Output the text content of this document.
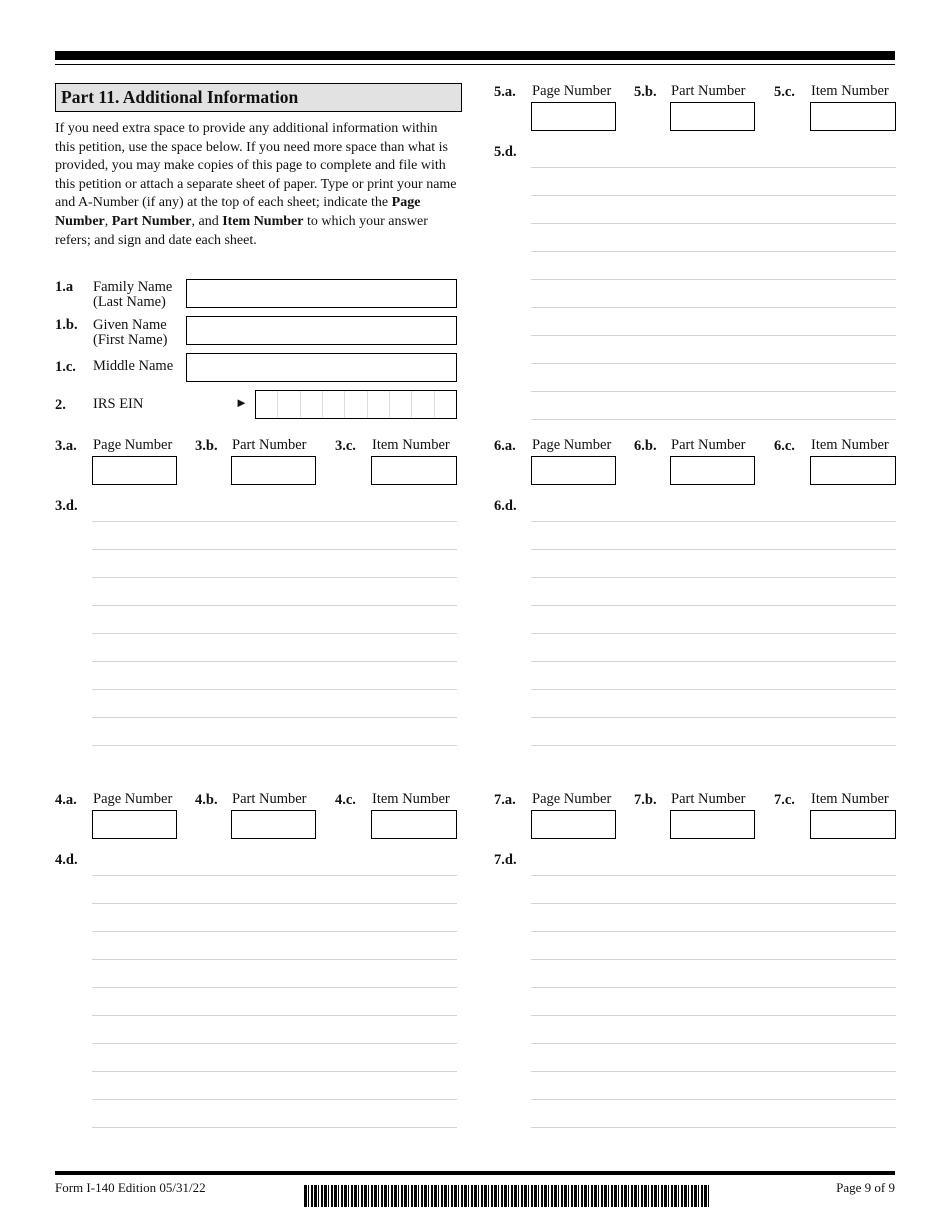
Part 11. Additional Information
If you need extra space to provide any additional information within this petition, use the space below. If you need more space than what is provided, you may make copies of this page to complete and file with this petition or attach a separate sheet of paper. Type or print your name and A-Number (if any) at the top of each sheet; indicate the Page Number, Part Number, and Item Number to which your answer refers; and sign and date each sheet.
1.a Family Name
(Last Name)
1.b. Given Name
(First Name)
1.c. Middle Name
2. IRS EIN	►
3.a. Page Number 3.b. Part Number 3.c. Item Number
3.d.
4.a. Page Number 4.b. Part Number 4.c. Item Number
4.d.
5.a. Page Number 5.b. Part Number 5.c. Item Number
5.d.
6.a. Page Number 6.b. Part Number 6.c. Item Number
6.d.
7.a. Page Number 7.b. Part Number 7.c. Item Number
7.d.
Form I-140 Edition 05/31/22	Page 9 of 9
